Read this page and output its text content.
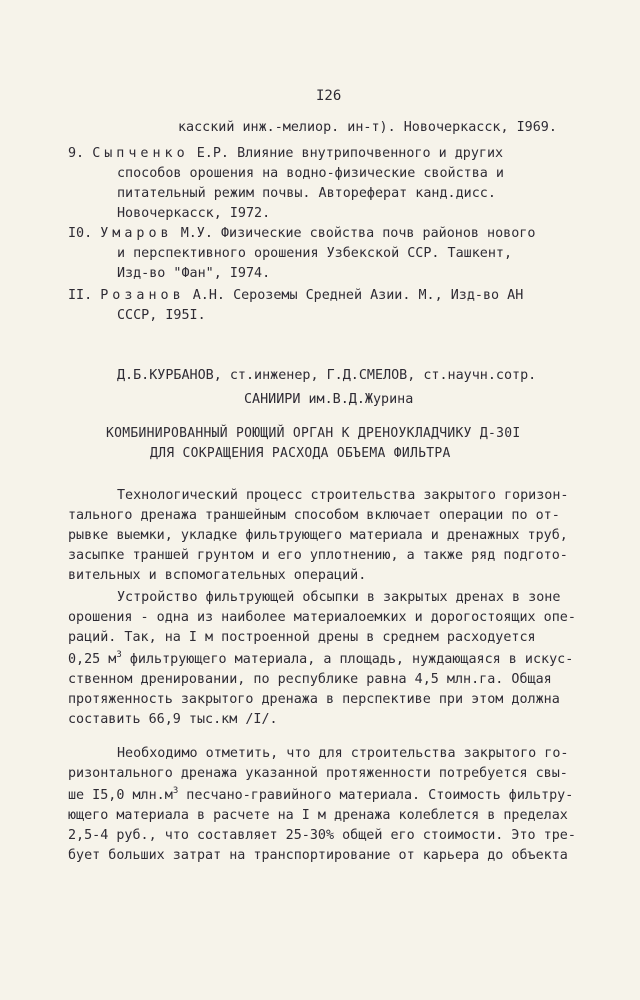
I26
касский инж.-мелиор. ин-т). Новочеркасск, I969.
9. Сыпченко Е.Р. Влияние внутрипочвенного и других
способов орошения на водно-физические свойства и
питательный режим почвы. Автореферат канд.дисс.
Новочеркасск, I972.
I0. Умаров М.У. Физические свойства почв районов нового
и перспективного орошения Узбекской ССР. Ташкент,
Изд-во "Фан", I974.
II. Розанов А.Н. Сероземы Средней Азии. М., Изд-во АН
СССР, I95I.
Д.Б.КУРБАНОВ, ст.инженер, Г.Д.СМЕЛОВ, ст.научн.сотр.
САНИИРИ им.В.Д.Журина
КОМБИНИРОВАННЫЙ РОЮЩИЙ ОРГАН К ДРЕНОУКЛАДЧИКУ Д-30I
ДЛЯ СОКРАЩЕНИЯ РАСХОДА ОБЪЕМА ФИЛЬТРА
Технологический процесс строительства закрытого горизон-
тального дренажа траншейным способом включает операции по от-
рывке выемки, укладке фильтрующего материала и дренажных труб,
засыпке траншей грунтом и его уплотнению, а также ряд подгото-
вительных и вспомогательных операций.
Устройство фильтрующей обсыпки в закрытых дренах в зоне
орошения - одна из наиболее материалоемких и дорогостоящих опе-
раций. Так, на I м построенной дрены в среднем расходуется
0,25 $м^3$ фильтрующего материала, а площадь, нуждающаяся в искус-
ственном дренировании, по республике равна 4,5 млн.га. Общая
протяженность закрытого дренажа в перспективе при этом должна
составить 66,9 тыс.км /I/.
Необходимо отметить, что для строительства закрытого го-
ризонтального дренажа указанной протяженности потребуется свы-
ше I5,0 $млн.м^3$ песчано-гравийного материала. Стоимость фильтру-
ющего материала в расчете на I м дренажа колеблется в пределах
2,5-4 руб., что составляет 25-30% общей его стоимости. Это тре-
бует больших затрат на транспортирование от карьера до объекта
